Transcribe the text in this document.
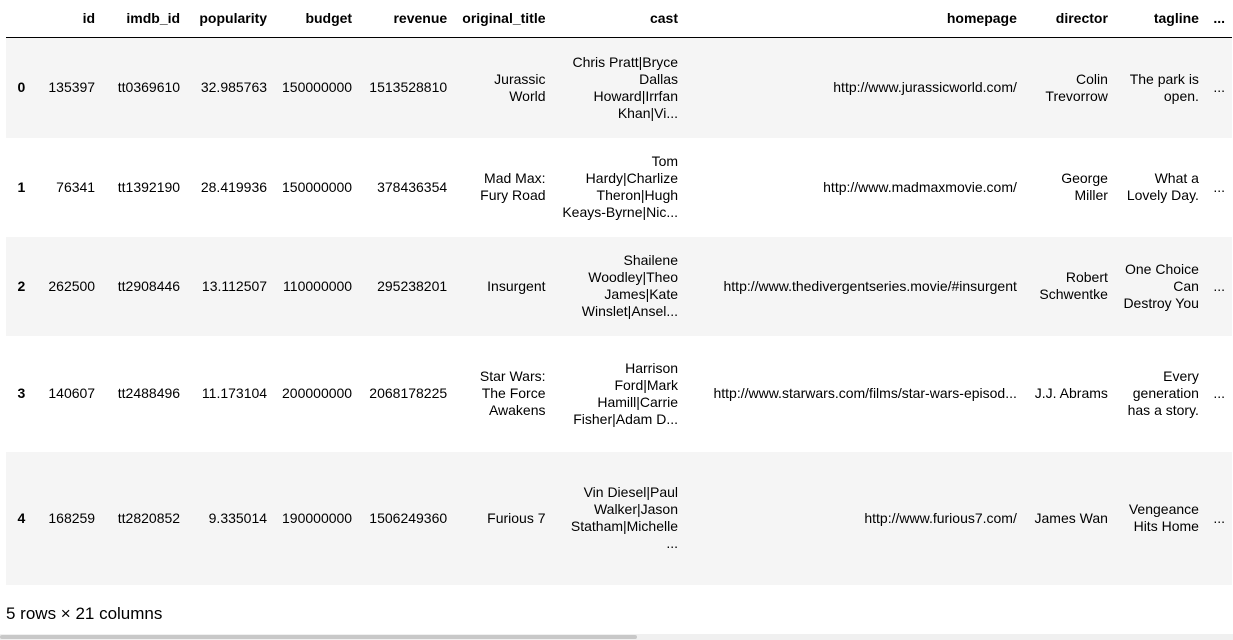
	id	imdb_id	popularity	budget	revenue	original_title	cast	homepage	director	tagline	...
0	135397	tt0369610	32.985763	150000000	1513528810	Jurassic World	Chris Pratt|Bryce Dallas Howard|Irrfan Khan|Vi...	http://www.jurassicworld.com/	Colin Trevorrow	The park is open.	...
1	76341	tt1392190	28.419936	150000000	378436354	Mad Max: Fury Road	Tom Hardy|Charlize Theron|Hugh Keays-Byrne|Nic...	http://www.madmaxmovie.com/	George Miller	What a Lovely Day.	...
2	262500	tt2908446	13.112507	110000000	295238201	Insurgent	Shailene Woodley|Theo James|Kate Winslet|Ansel...	http://www.thedivergentseries.movie/#insurgent	Robert Schwentke	One Choice Can Destroy You	...
3	140607	tt2488496	11.173104	200000000	2068178225	Star Wars: The Force Awakens	Harrison Ford|Mark Hamill|Carrie Fisher|Adam D...	http://www.starwars.com/films/star-wars-episod...	J.J. Abrams	Every generation has a story.	...
4	168259	tt2820852	9.335014	190000000	1506249360	Furious 7	Vin Diesel|Paul Walker|Jason Statham|Michelle ...	http://www.furious7.com/	James Wan	Vengeance Hits Home	...
5 rows × 21 columns
